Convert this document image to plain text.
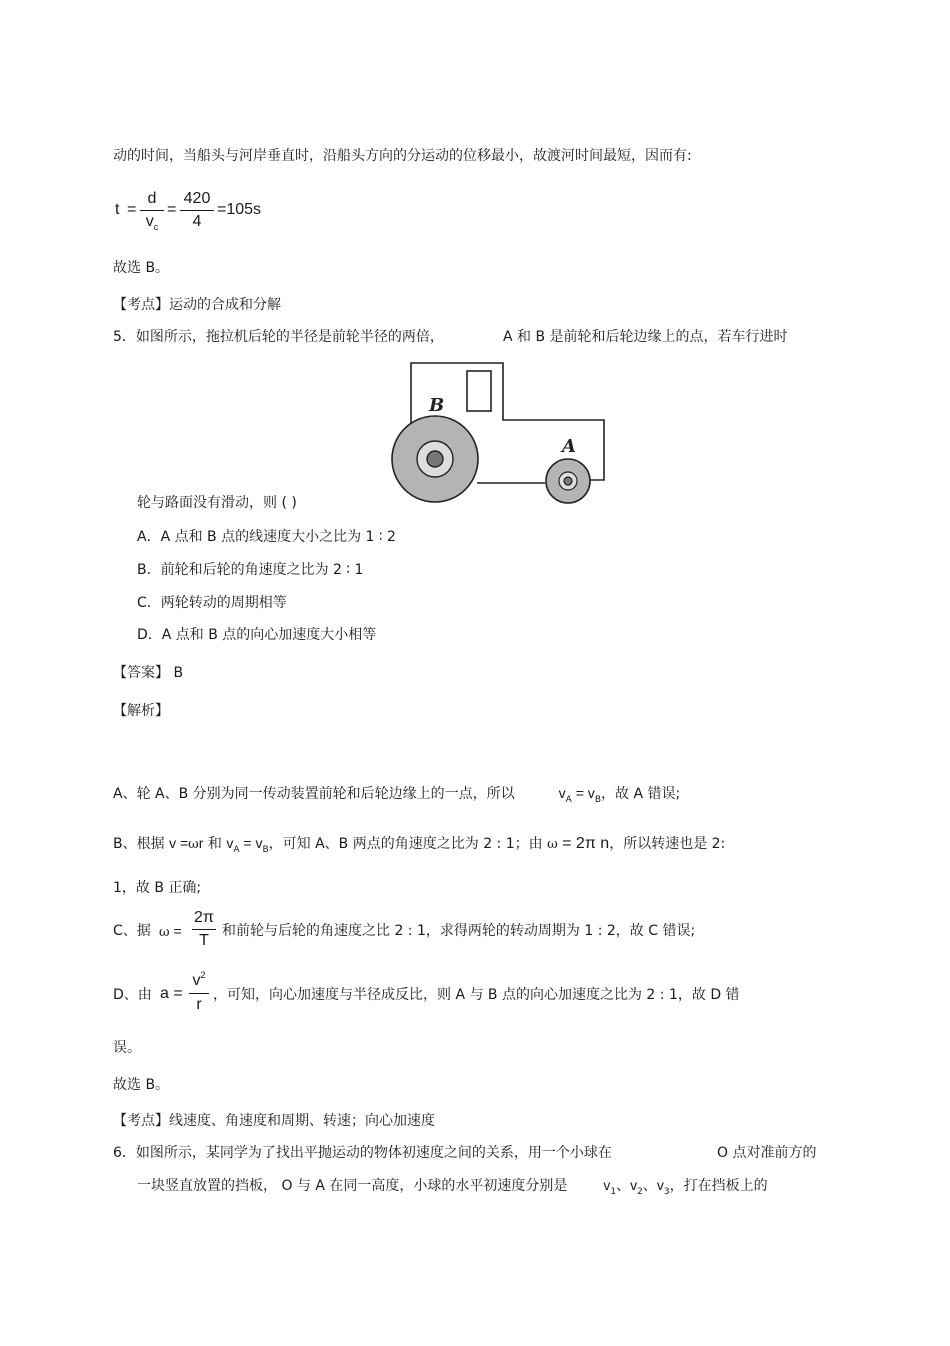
动的时间，当船头与河岸垂直时，沿船头方向的分运动的位移最小，故渡河时间最短，因而有:
t =
d
$v_c$
=
420
4
=105s
故选 B。
【考点】运动的合成和分解
5．如图所示，拖拉机后轮的半径是前轮半径的两倍，	A 和 B 是前轮和后轮边缘上的点，若车行进时
B
A
轮与路面没有滑动，则 ( )
A．A 点和 B 点的线速度大小之比为 1 ∶ 2
B．前轮和后轮的角速度之比为 2 ∶ 1
C．两轮转动的周期相等
D．A 点和 B 点的向心加速度大小相等
【答案】 B
【解析】
A、轮 A、B 分别为同一传动装置前轮和后轮边缘上的一点，所以	$v_A = v_B$，故 A 错误;
B、根据 v =ωr 和 $v_A = v_B$，可知 A、B 两点的角速度之比为 2 : 1；由 ω = 2π n，所以转速也是 2:
1，故 B 正确;
C、据 ω =
2π
T
和前轮与后轮的角速度之比 2 : 1，求得两轮的转动周期为 1 : 2，故 C 错误;
D、由 a =
$v^2$
r
，可知，向心加速度与半径成反比，则 A 与 B 点的向心加速度之比为 2 : 1，故 D 错
误。
故选 B。
【考点】线速度、角速度和周期、转速；向心加速度
6．如图所示，某同学为了找出平抛运动的物体初速度之间的关系，用一个小球在	O 点对准前方的
一块竖直放置的挡板， O 与 A 在同一高度，小球的水平初速度分别是	$v_1$、$v_2$、$v_3$，打在挡板上的
